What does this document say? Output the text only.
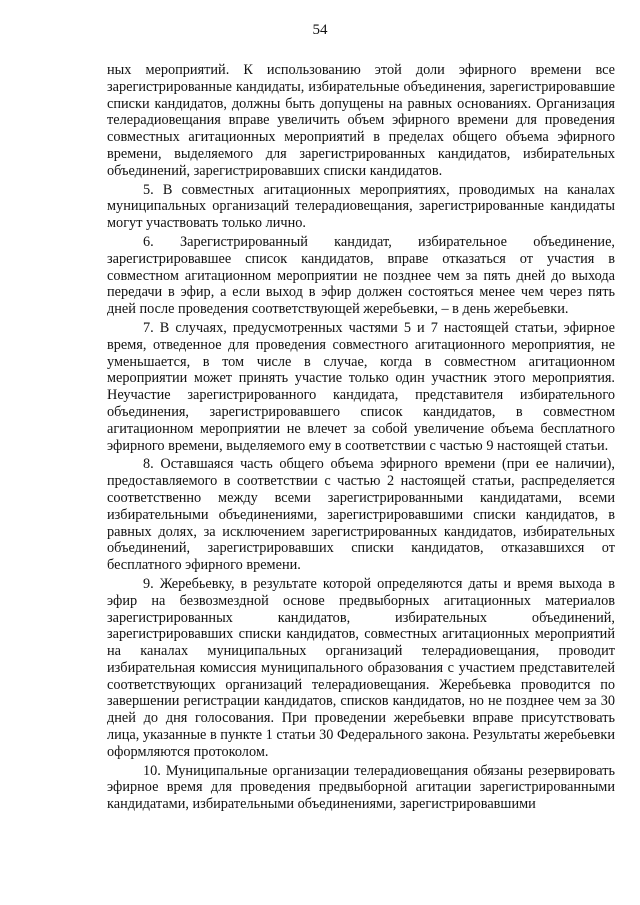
54

ных мероприятий. К использованию этой доли эфирного времени все зарегистрированные кандидаты, избирательные объединения, зарегистрировавшие списки кандидатов, должны быть допущены на равных основаниях. Организация телерадиовещания вправе увеличить объем эфирного времени для проведения совместных агитационных мероприятий в пределах общего объема эфирного времени, выделяемого для зарегистрированных кандидатов, избирательных объединений, зарегистрировавших списки кандидатов.

5. В совместных агитационных мероприятиях, проводимых на каналах муниципальных организаций телерадиовещания, зарегистрированные кандидаты могут участвовать только лично.

6. Зарегистрированный кандидат, избирательное объединение, зарегистрировавшее список кандидатов, вправе отказаться от участия в совместном агитационном мероприятии не позднее чем за пять дней до выхода передачи в эфир, а если выход в эфир должен состояться менее чем через пять дней после проведения соответствующей жеребьевки, – в день жеребьевки.

7. В случаях, предусмотренных частями 5 и 7 настоящей статьи, эфирное время, отведенное для проведения совместного агитационного мероприятия, не уменьшается, в том числе в случае, когда в совместном агитационном мероприятии может принять участие только один участник этого мероприятия. Неучастие зарегистрированного кандидата, представителя избирательного объединения, зарегистрировавшего список кандидатов, в совместном агитационном мероприятии не влечет за собой увеличение объема бесплатного эфирного времени, выделяемого ему в соответствии с частью 9 настоящей статьи.

8. Оставшаяся часть общего объема эфирного времени (при ее наличии), предоставляемого в соответствии с частью 2 настоящей статьи, распределяется соответственно между всеми зарегистрированными кандидатами, всеми избирательными объединениями, зарегистрировавшими списки кандидатов, в равных долях, за исключением зарегистрированных кандидатов, избирательных объединений, зарегистрировавших списки кандидатов, отказавшихся от бесплатного эфирного времени.

9. Жеребьевку, в результате которой определяются даты и время выхода в эфир на безвозмездной основе предвыборных агитационных материалов зарегистрированных кандидатов, избирательных объединений, зарегистрировавших списки кандидатов, совместных агитационных мероприятий на каналах муниципальных организаций телерадиовещания, проводит избирательная комиссия муниципального образования с участием представителей соответствующих организаций телерадиовещания. Жеребьевка проводится по завершении регистрации кандидатов, списков кандидатов, но не позднее чем за 30 дней до дня голосования. При проведении жеребьевки вправе присутствовать лица, указанные в пункте 1 статьи 30 Федерального закона. Результаты жеребьевки оформляются протоколом.

10. Муниципальные организации телерадиовещания обязаны резервировать эфирное время для проведения предвыборной агитации зарегистрированными кандидатами, избирательными объединениями, зарегистрировавшими
